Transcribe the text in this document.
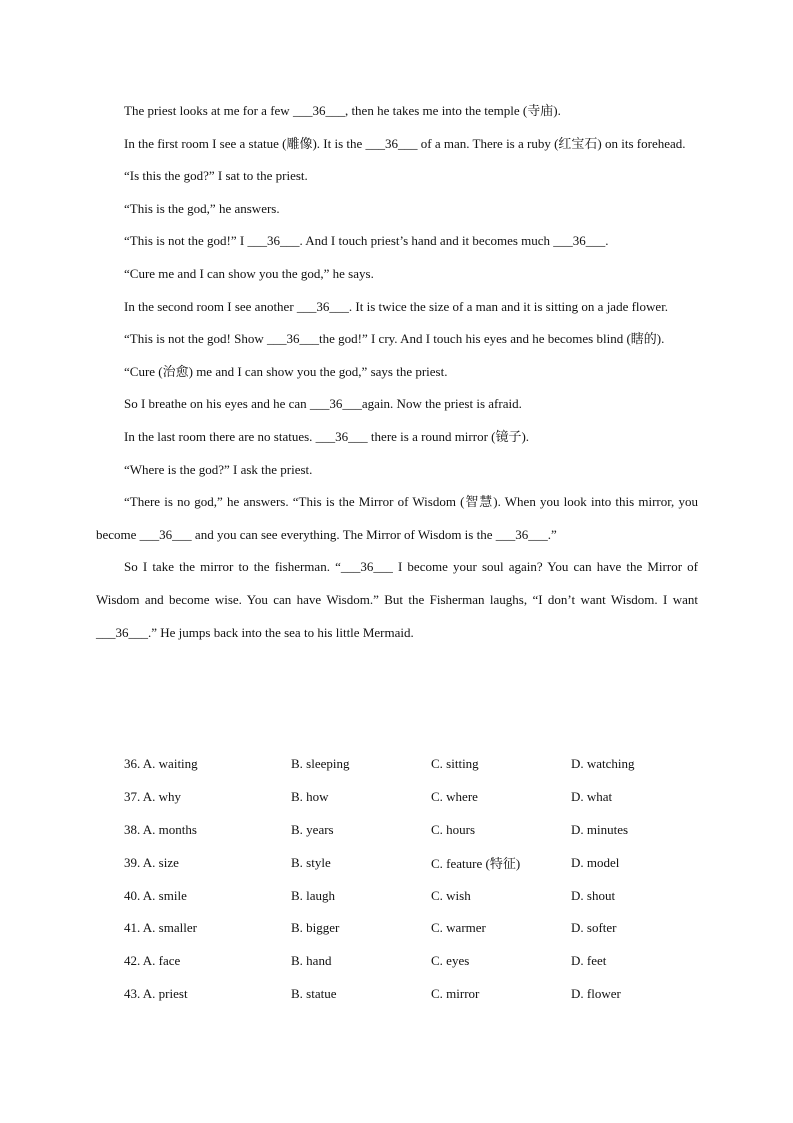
The priest looks at me for a few ___36___, then he takes me into the temple (寺庙).

In the first room I see a statue (雕像). It is the ___36___ of a man. There is a ruby (红宝石) on its forehead.

“Is this the god?” I sat to the priest.

“This is the god,” he answers.

“This is not the god!” I ___36___. And I touch priest’s hand and it becomes much ___36___.

“Cure me and I can show you the god,” he says.

In the second room I see another ___36___. It is twice the size of a man and it is sitting on a jade flower.

“This is not the god! Show ___36___the god!” I cry. And I touch his eyes and he becomes blind (瞎的).

“Cure (治愈) me and I can show you the god,” says the priest.

So I breathe on his eyes and he can ___36___again. Now the priest is afraid.

In the last room there are no statues. ___36___ there is a round mirror (镜子).

“Where is the god?” I ask the priest.

“There is no god,” he answers. “This is the Mirror of Wisdom (智慧). When you look into this mirror, you become ___36___ and you can see everything. The Mirror of Wisdom is the ___36___.”

So I take the mirror to the fisherman. “___36___ I become your soul again? You can have the Mirror of Wisdom and become wise. You can have Wisdom.” But the Fisherman laughs, “I don’t want Wisdom. I want ___36___.” He jumps back into the sea to his little Mermaid.

36. A. waiting	B. sleeping	C. sitting	D. watching
37. A. why	B. how	C. where	D. what
38. A. months	B. years	C. hours	D. minutes
39. A. size	B. style	C. feature (特征)	D. model
40. A. smile	B. laugh	C. wish	D. shout
41. A. smaller	B. bigger	C. warmer	D. softer
42. A. face	B. hand	C. eyes	D. feet
43. A. priest	B. statue	C. mirror	D. flower
